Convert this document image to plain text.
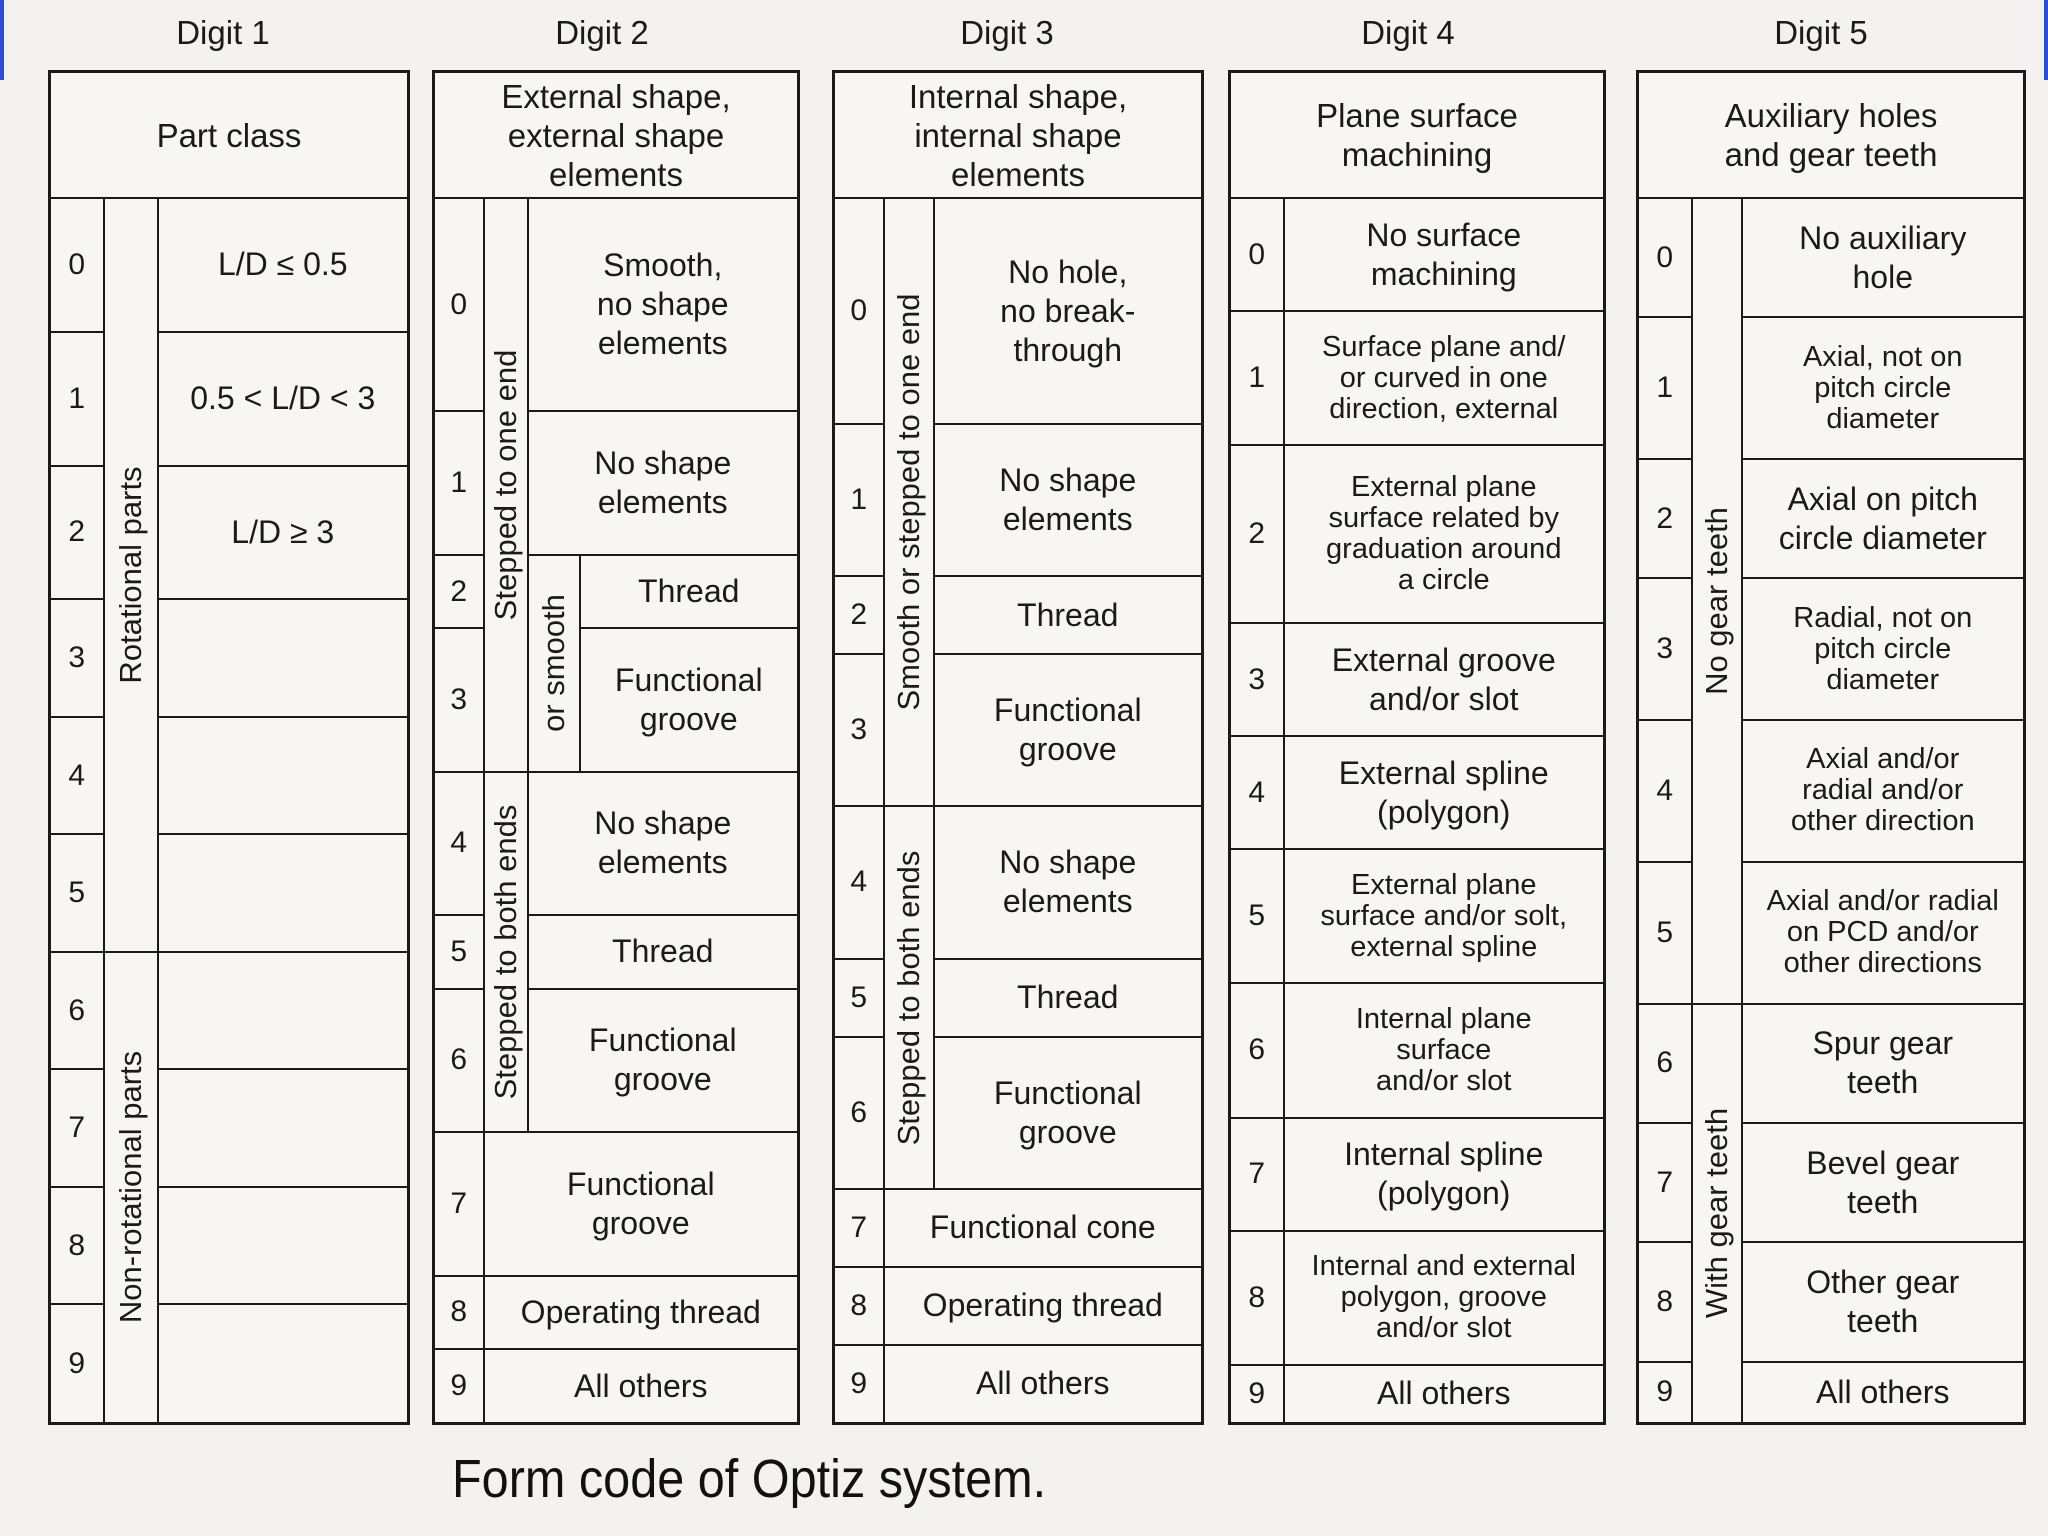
Digit 1	Digit 2	Digit 3	Digit 4	Digit 5
Part class		
0	Rotational parts	L/D ≤ 0.5
1		0.5 < L/D < 3
2		L/D ≥ 3
3		
4		
5		
6	Non-rotational parts	

7		
8		
9		
External shape,
external shape
elements			
0	Stepped to one end	Smooth,
no shape
elements	
1		No shape
elements	
2		or smooth	Thread
3			Functional
groove
4	Stepped to both ends	No shape
elements	
5		Thread	
6		Functional
groove	
7	Functional
groove		
8	Operating thread		
9	All others		
Internal shape,
internal shape
elements		
0	Smooth or stepped to one end	No hole,
no break-
through
1		No shape
elements
2		Thread
3		Functional
groove
4	Stepped to both ends	No shape
elements
5		Thread
6		Functional
groove
7	Functional cone	
8	Operating thread	
9	All others	
Plane surface
machining	
0	No surface
machining
1	Surface plane and/
or curved in one
direction, external
2	External plane
surface related by
graduation around
a circle
3	External groove
and/or slot
4	External spline
(polygon)
5	External plane
surface and/or solt,
external spline
6	Internal plane
surface
and/or slot
7	Internal spline
(polygon)
8	Internal and external
polygon, groove
and/or slot
9	All others
Auxiliary holes
and gear teeth		
0	No gear teeth	No auxiliary
hole
1		Axial, not on
pitch circle
diameter
2		Axial on pitch
circle diameter
3		Radial, not on
pitch circle
diameter
4		Axial and/or
radial and/or
other direction
5		Axial and/or radial
on PCD and/or
other directions
6	With gear teeth	Spur gear
teeth
7		Bevel gear
teeth
8		Other gear
teeth
9		All others
Form code of Optiz system.
